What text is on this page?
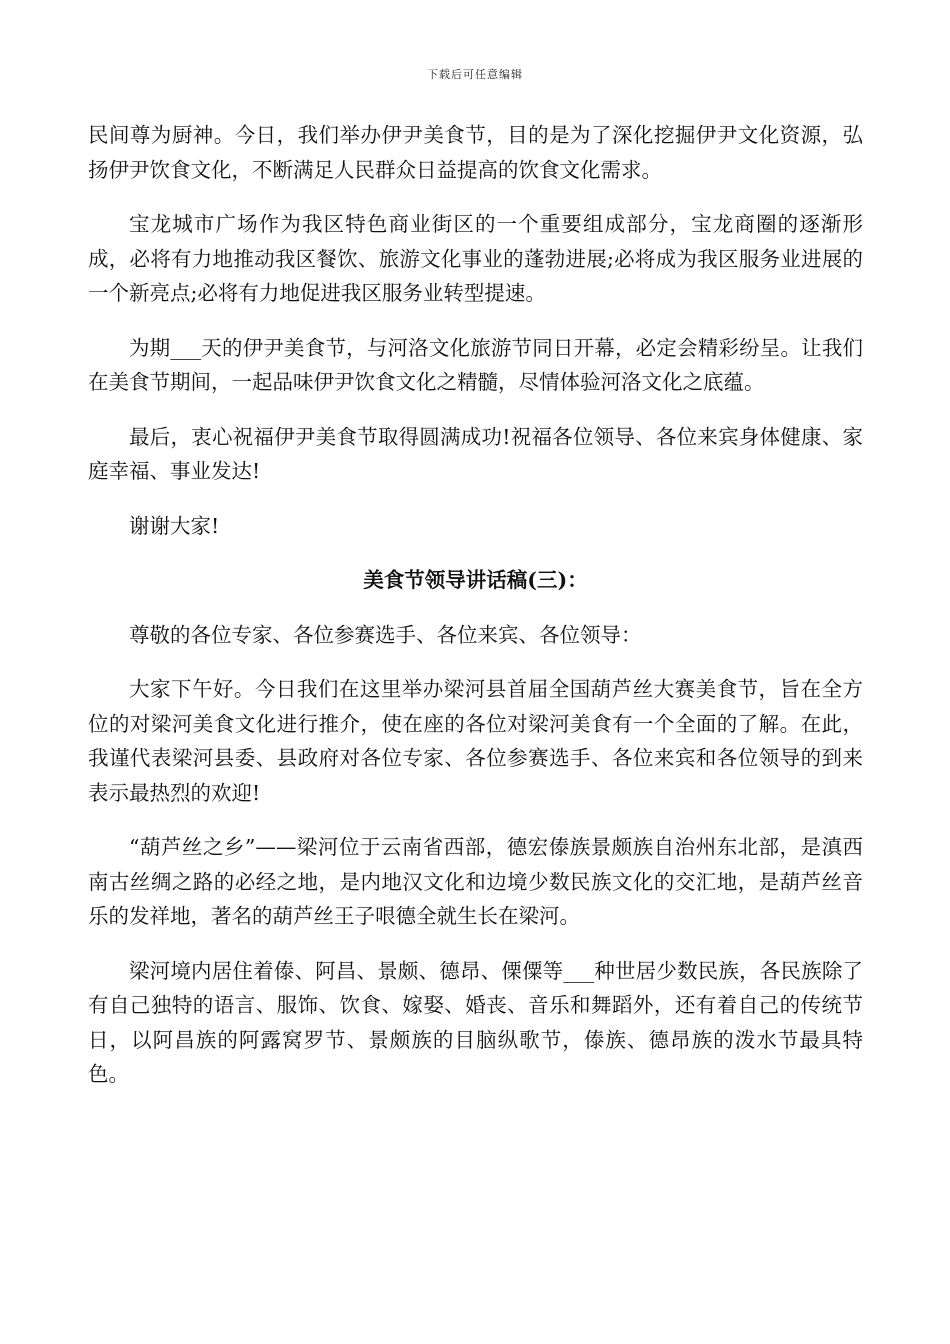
下载后可任意编辑

民间尊为厨神。今日，我们举办伊尹美食节，目的是为了深化挖掘伊尹文化资源，弘扬伊尹饮食文化，不断满足人民群众日益提高的饮食文化需求。

宝龙城市广场作为我区特色商业街区的一个重要组成部分，宝龙商圈的逐渐形成，必将有力地推动我区餐饮、旅游文化事业的蓬勃进展;必将成为我区服务业进展的一个新亮点;必将有力地促进我区服务业转型提速。

为期___天的伊尹美食节，与河洛文化旅游节同日开幕，必定会精彩纷呈。让我们在美食节期间，一起品味伊尹饮食文化之精髓，尽情体验河洛文化之底蕴。

最后，衷心祝福伊尹美食节取得圆满成功!祝福各位领导、各位来宾身体健康、家庭幸福、事业发达!

谢谢大家!

美食节领导讲话稿(三)：

尊敬的各位专家、各位参赛选手、各位来宾、各位领导：

大家下午好。今日我们在这里举办梁河县首届全国葫芦丝大赛美食节，旨在全方位的对梁河美食文化进行推介，使在座的各位对梁河美食有一个全面的了解。在此，我谨代表梁河县委、县政府对各位专家、各位参赛选手、各位来宾和各位领导的到来表示最热烈的欢迎!

“葫芦丝之乡”——梁河位于云南省西部，德宏傣族景颇族自治州东北部，是滇西南古丝绸之路的必经之地，是内地汉文化和边境少数民族文化的交汇地，是葫芦丝音乐的发祥地，著名的葫芦丝王子哏德全就生长在梁河。

梁河境内居住着傣、阿昌、景颇、德昂、傈僳等___种世居少数民族，各民族除了有自己独特的语言、服饰、饮食、嫁娶、婚丧、音乐和舞蹈外，还有着自己的传统节日，以阿昌族的阿露窝罗节、景颇族的目脑纵歌节，傣族、德昂族的泼水节最具特色。
